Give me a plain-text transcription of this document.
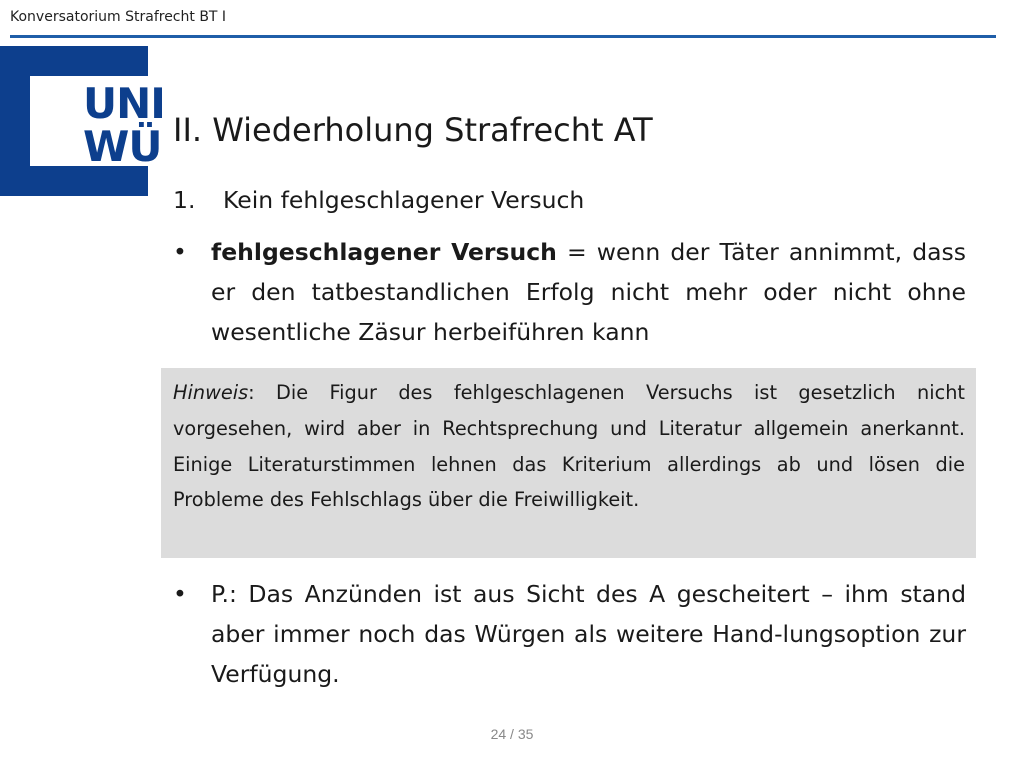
Konversatorium Strafrecht BT I
UNI
WÜ II. Wiederholung Strafrecht AT
1. Kein fehlgeschlagener Versuch
• fehlgeschlagener Versuch = wenn der Täter annimmt, dass er den tatbestandlichen Erfolg nicht mehr oder nicht ohne wesentliche Zäsur herbeiführen kann
Hinweis: Die Figur des fehlgeschlagenen Versuchs ist gesetzlich nicht vorgesehen, wird aber in Rechtsprechung und Literatur allgemein anerkannt. Einige Literaturstimmen lehnen das Kriterium allerdings ab und lösen die Probleme des Fehlschlags über die Freiwilligkeit.
• P.: Das Anzünden ist aus Sicht des A gescheitert – ihm stand aber immer noch das Würgen als weitere Hand-lungsoption zur Verfügung.
24 / 35
